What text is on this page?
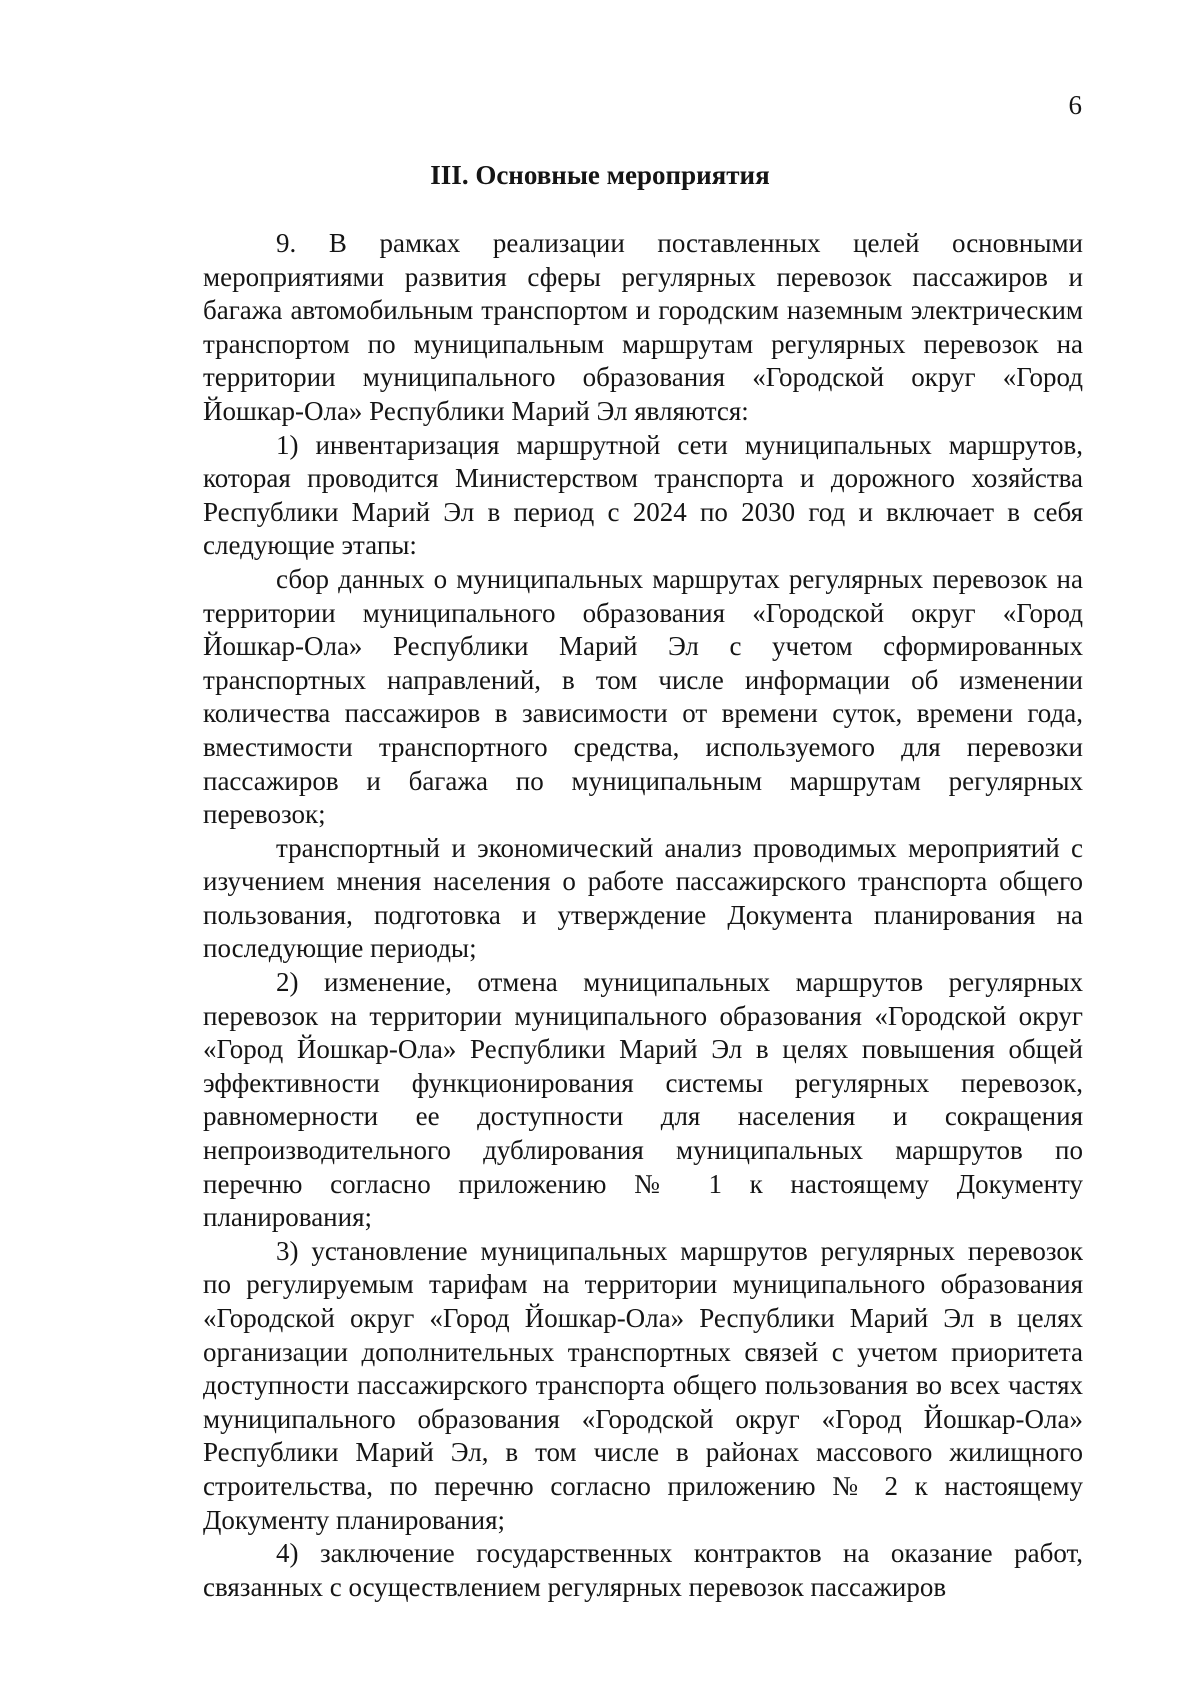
6
III. Основные мероприятия

9. В рамках реализации поставленных целей основными мероприятиями развития сферы регулярных перевозок пассажиров и багажа автомобильным транспортом и городским наземным электрическим транспортом по муниципальным маршрутам регулярных перевозок на территории муниципального образования «Городской округ «Город Йошкар-Ола» Республики Марий Эл являются:

1) инвентаризация маршрутной сети муниципальных маршрутов, которая проводится Министерством транспорта и дорожного хозяйства Республики Марий Эл в период с 2024 по 2030 год и включает в себя следующие этапы:

сбор данных о муниципальных маршрутах регулярных перевозок на территории муниципального образования «Городской округ «Город Йошкар-Ола» Республики Марий Эл с учетом сформированных транспортных направлений, в том числе информации об изменении количества пассажиров в зависимости от времени суток, времени года, вместимости транспортного средства, используемого для перевозки пассажиров и багажа по муниципальным маршрутам регулярных перевозок;

транспортный и экономический анализ проводимых мероприятий с изучением мнения населения о работе пассажирского транспорта общего пользования, подготовка и утверждение Документа планирования на последующие периоды;

2) изменение, отмена муниципальных маршрутов регулярных перевозок на территории муниципального образования «Городской округ «Город Йошкар-Ола» Республики Марий Эл в целях повышения общей эффективности функционирования системы регулярных перевозок, равномерности ее доступности для населения и сокращения непроизводительного дублирования муниципальных маршрутов по перечню согласно приложению № 1 к настоящему Документу планирования;

3) установление муниципальных маршрутов регулярных перевозок по регулируемым тарифам на территории муниципального образования «Городской округ «Город Йошкар-Ола» Республики Марий Эл в целях организации дополнительных транспортных связей с учетом приоритета доступности пассажирского транспорта общего пользования во всех частях муниципального образования «Городской округ «Город Йошкар-Ола» Республики Марий Эл, в том числе в районах массового жилищного строительства, по перечню согласно приложению № 2 к настоящему Документу планирования;

4) заключение государственных контрактов на оказание работ, связанных с осуществлением регулярных перевозок пассажиров
